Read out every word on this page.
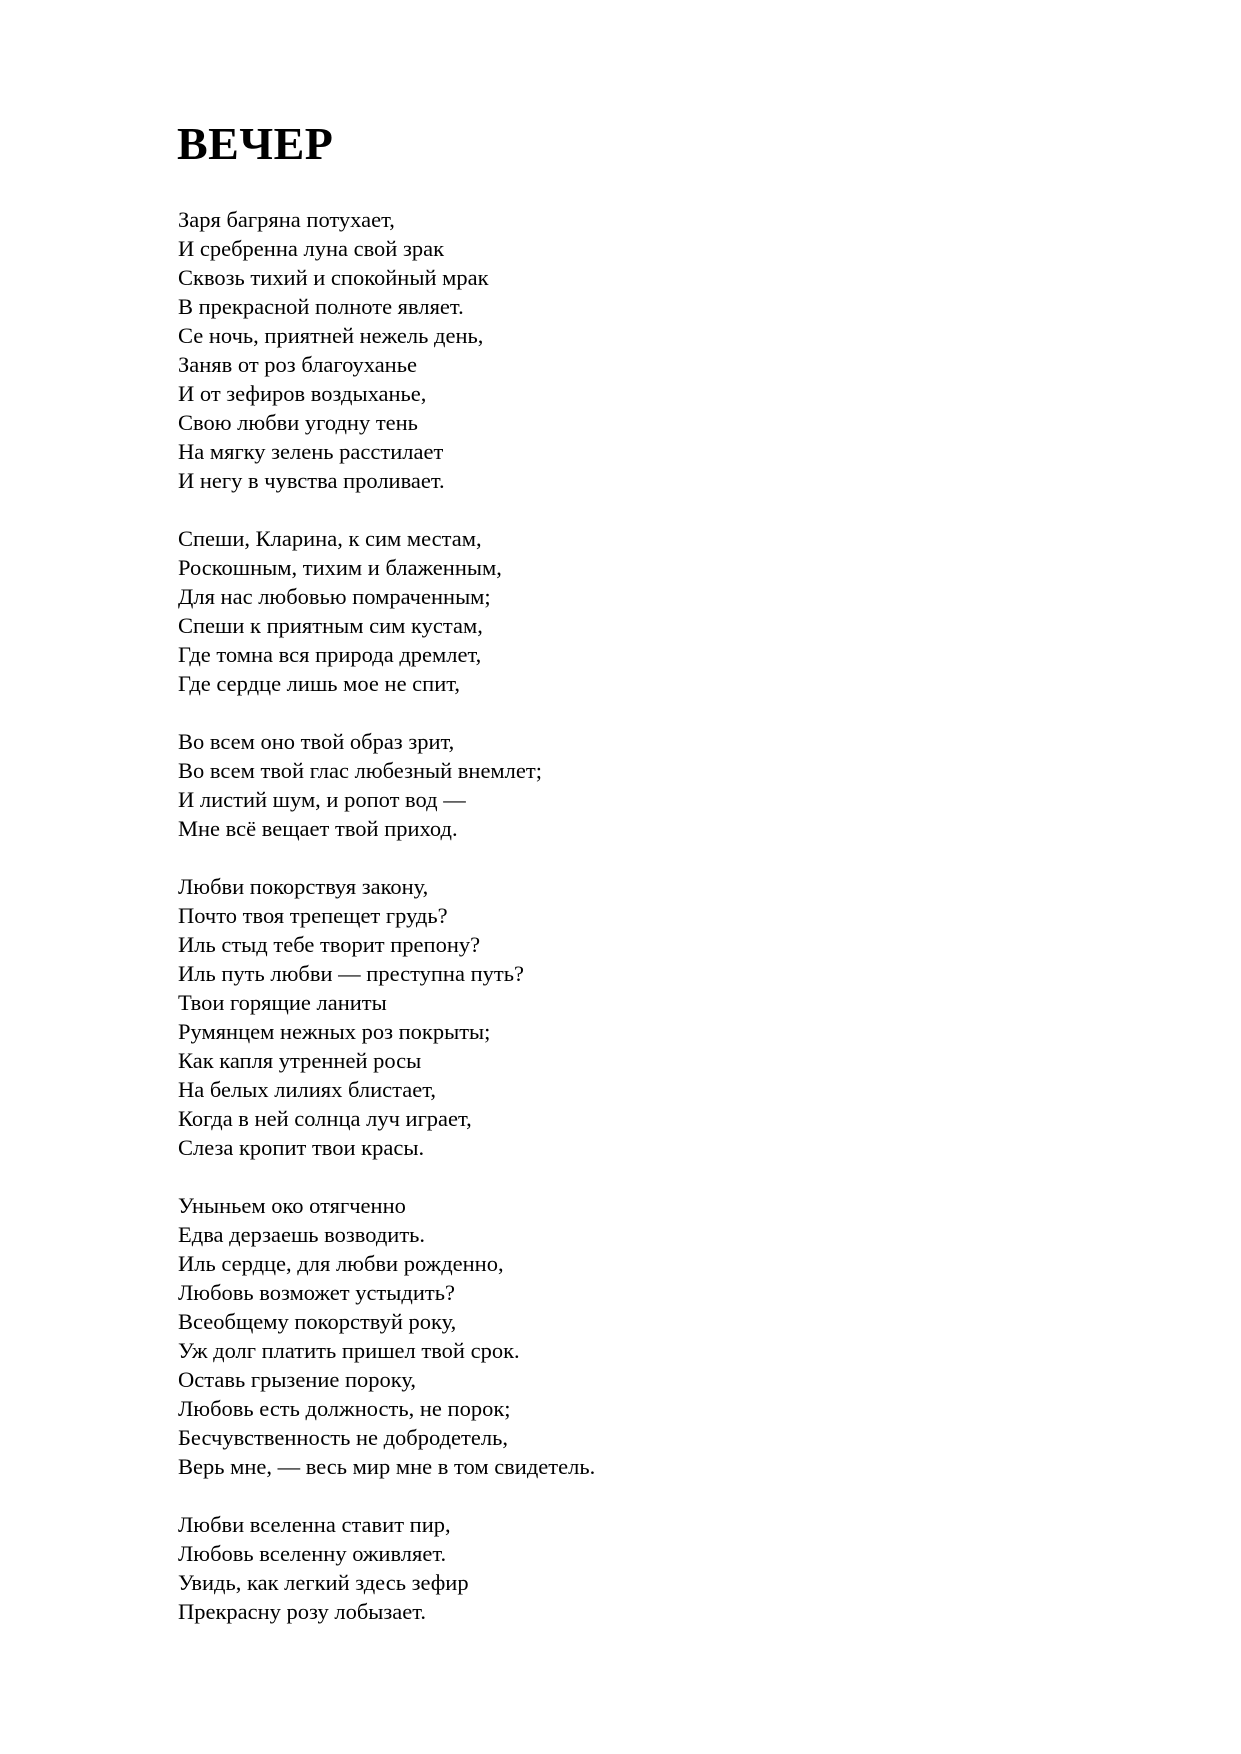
ВЕЧЕР
Заря багряна потухает,
И сребренна луна свой зрак
Сквозь тихий и спокойный мрак
В прекрасной полноте являет.
Се ночь, приятней нежель день,
Заняв от роз благоуханье
И от зефиров воздыханье,
Свою любви угодну тень
На мягку зелень расстилает
И негу в чувства проливает.
Спеши, Кларина, к сим местам,
Роскошным, тихим и блаженным,
Для нас любовью помраченным;
Спеши к приятным сим кустам,
Где томна вся природа дремлет,
Где сердце лишь мое не спит,
Во всем оно твой образ зрит,
Во всем твой глас любезный внемлет;
И листий шум, и ропот вод —
Мне всё вещает твой приход.
Любви покорствуя закону,
Почто твоя трепещет грудь?
Иль стыд тебе творит препону?
Иль путь любви — преступна путь?
Твои горящие ланиты
Румянцем нежных роз покрыты;
Как капля утренней росы
На белых лилиях блистает,
Когда в ней солнца луч играет,
Слеза кропит твои красы.
Уныньем око отягченно
Едва дерзаешь возводить.
Иль сердце, для любви рожденно,
Любовь возможет устыдить?
Всеобщему покорствуй року,
Уж долг платить пришел твой срок.
Оставь грызение пороку,
Любовь есть должность, не порок;
Бесчувственность не добродетель,
Верь мне, — весь мир мне в том свидетель.
Любви вселенна ставит пир,
Любовь вселенну оживляет.
Увидь, как легкий здесь зефир
Прекрасну розу лобызает.
